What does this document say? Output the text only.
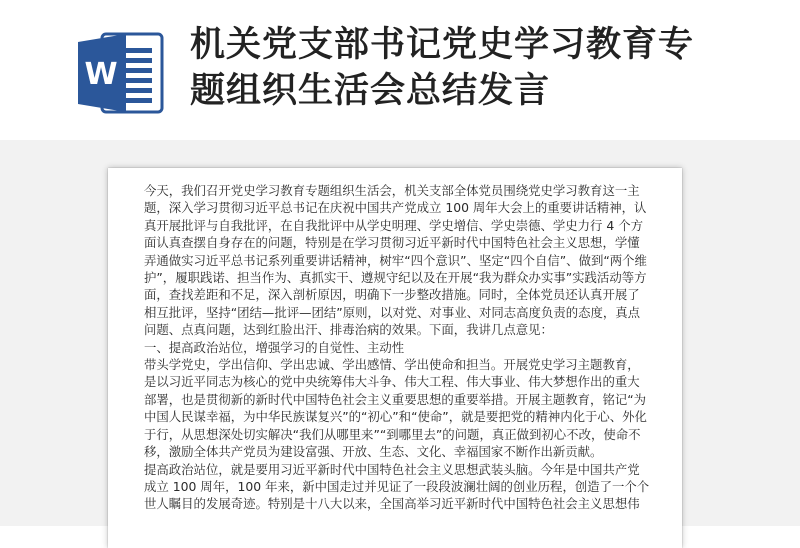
W
机关党支部书记党史学习教育专
题组织生活会总结发言
今天，我们召开党史学习教育专题组织生活会，机关支部全体党员围绕党史学习教育这一主
题，深入学习贯彻习近平总书记在庆祝中国共产党成立 100 周年大会上的重要讲话精神，认
真开展批评与自我批评，在自我批评中从学史明理、学史增信、学史崇德、学史力行 4 个方
面认真查摆自身存在的问题，特别是在学习贯彻习近平新时代中国特色社会主义思想，学懂
弄通做实习近平总书记系列重要讲话精神，树牢“四个意识”、坚定“四个自信”、做到“两个维
护”，履职践诺、担当作为、真抓实干、遵规守纪以及在开展“我为群众办实事”实践活动等方
面，查找差距和不足，深入剖析原因，明确下一步整改措施。同时，全体党员还认真开展了
相互批评，坚持“团结—批评—团结”原则，以对党、对事业、对同志高度负责的态度，真点
问题、点真问题，达到红脸出汗、排毒治病的效果。下面，我讲几点意见：
一、提高政治站位，增强学习的自觉性、主动性
带头学党史，学出信仰、学出忠诚、学出感情、学出使命和担当。开展党史学习主题教育，
是以习近平同志为核心的党中央统筹伟大斗争、伟大工程、伟大事业、伟大梦想作出的重大
部署，也是贯彻新的新时代中国特色社会主义重要思想的重要举措。开展主题教育，铭记“为
中国人民谋幸福，为中华民族谋复兴”的“初心”和“使命”，就是要把党的精神内化于心、外化
于行，从思想深处切实解决“我们从哪里来”“到哪里去”的问题，真正做到初心不改，使命不
移，激励全体共产党员为建设富强、开放、生态、文化、幸福国家不断作出新贡献。
提高政治站位，就是要用习近平新时代中国特色社会主义思想武装头脑。今年是中国共产党
成立 100 周年，100 年来，新中国走过并见证了一段段波澜壮阔的创业历程，创造了一个个
世人瞩目的发展奇迹。特别是十八大以来，全国高举习近平新时代中国特色社会主义思想伟
